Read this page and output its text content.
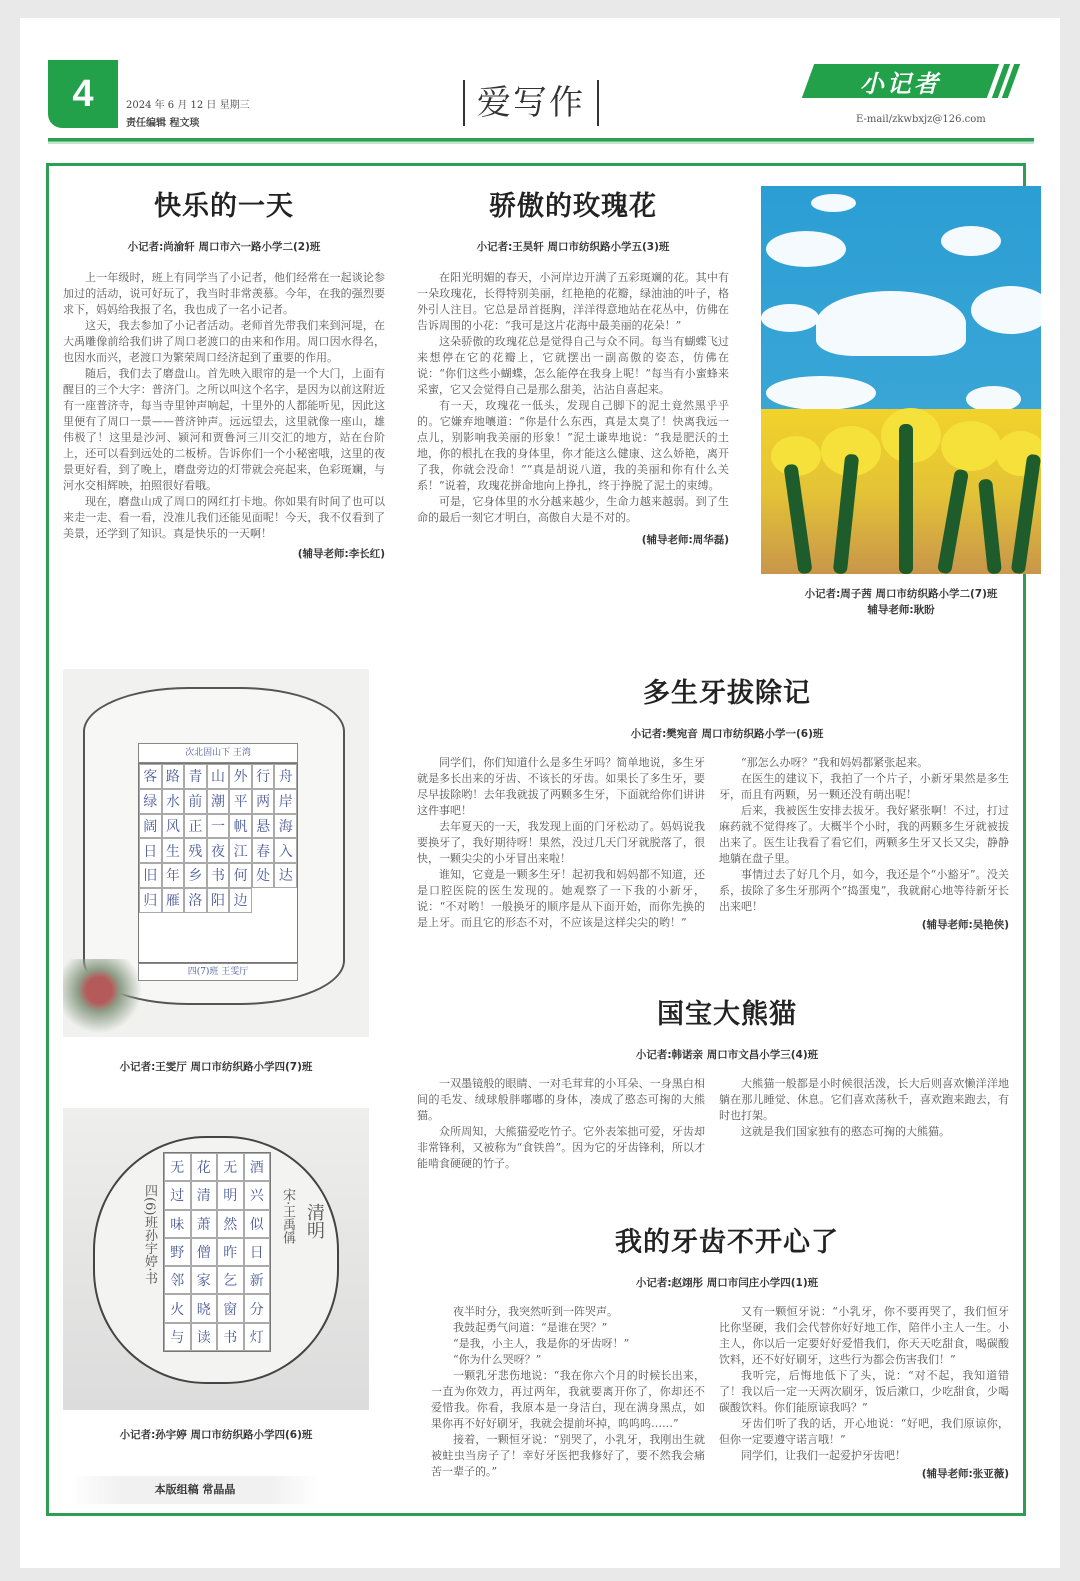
4	2024 年 6 月 12 日 星期三
责任编辑 程文琰
爱写作	小记者
E-mail/zkwbxjz@126.com
快乐的一天
小记者:尚渝轩 周口市六一路小学二(2)班

上一年级时，班上有同学当了小记者，他们经常在一起谈论参加过的活动，说可好玩了，我当时非常羡慕。今年，在我的强烈要求下，妈妈给我报了名，我也成了一名小记者。

这天，我去参加了小记者活动。老师首先带我们来到河堤，在大禹雕像前给我们讲了周口老渡口的由来和作用。周口因水得名，也因水而兴，老渡口为繁荣周口经济起到了重要的作用。

随后，我们去了磨盘山。首先映入眼帘的是一个大门，上面有醒目的三个大字：普济门。之所以叫这个名字，是因为以前这附近有一座普济寺，每当寺里钟声响起，十里外的人都能听见，因此这里便有了周口一景——普济钟声。远远望去，这里就像一座山，雄伟极了！这里是沙河、颍河和贾鲁河三川交汇的地方，站在台阶上，还可以看到远处的二板桥。告诉你们一个小秘密哦，这里的夜景更好看，到了晚上，磨盘旁边的灯带就会亮起来，色彩斑斓，与河水交相辉映，拍照很好看哦。

现在，磨盘山成了周口的网红打卡地。你如果有时间了也可以来走一走、看一看，没准儿我们还能见面呢！今天，我不仅看到了美景，还学到了知识。真是快乐的一天啊！

(辅导老师:李长红)
骄傲的玫瑰花
小记者:王昊轩 周口市纺织路小学五(3)班

在阳光明媚的春天，小河岸边开满了五彩斑斓的花。其中有一朵玫瑰花，长得特别美丽，红艳艳的花瓣，绿油油的叶子，格外引人注目。它总是昂首挺胸，洋洋得意地站在花丛中，仿佛在告诉周围的小花：“我可是这片花海中最美丽的花朵！”

这朵骄傲的玫瑰花总是觉得自己与众不同。每当有蝴蝶飞过来想停在它的花瓣上，它就摆出一副高傲的姿态，仿佛在说：“你们这些小蝴蝶，怎么能停在我身上呢！”每当有小蜜蜂来采蜜，它又会觉得自己是那么甜美，沾沾自喜起来。

有一天，玫瑰花一低头，发现自己脚下的泥土竟然黑乎乎的。它嫌弃地嚷道：“你是什么东西，真是太臭了！快离我远一点儿，别影响我美丽的形象！”泥土谦卑地说：“我是肥沃的土地，你的根扎在我的身体里，你才能这么健康、这么娇艳，离开了我，你就会没命！”“真是胡说八道，我的美丽和你有什么关系！”说着，玫瑰花拼命地向上挣扎，终于挣脱了泥土的束缚。

可是，它身体里的水分越来越少，生命力越来越弱。到了生命的最后一刻它才明白，高傲自大是不对的。

(辅导老师:周华磊)
小记者:周子茜 周口市纺织路小学二(7)班
辅导老师:耿盼
次北固山下 王湾
客 路 青 山 外 行 舟
绿 水 前 潮 平 两 岸
阔 风 正 一 帆 悬 海
日 生 残 夜 江 春 入
旧 年 乡 书 何 处 达
归 雁 洛 阳 边
四(7)班 王雯厅
小记者:王雯厅 周口市纺织路小学四(7)班
四(6)班孙宇婷·书
无 花 无 酒
过 清 明 兴
味 萧 然 似
野 僧 昨 日
邻 家 乞 新
火 晓 窗 分
与 读 书 灯
宋·王禹偁 清明
小记者:孙宇婷 周口市纺织路小学四(6)班
多生牙拔除记
小记者:樊宛音 周口市纺织路小学一(6)班

同学们，你们知道什么是多生牙吗？简单地说，多生牙就是多长出来的牙齿、不该长的牙齿。如果长了多生牙，要尽早拔除哟！去年我就拔了两颗多生牙，下面就给你们讲讲这件事吧！

去年夏天的一天，我发现上面的门牙松动了。妈妈说我要换牙了，我好期待呀！果然，没过几天门牙就脱落了，很快，一颗尖尖的小牙冒出来啦！

谁知，它竟是一颗多生牙！起初我和妈妈都不知道，还是口腔医院的医生发现的。她观察了一下我的小新牙，说：“不对哟！一般换牙的顺序是从下面开始，而你先换的是上牙。而且它的形态不对，不应该是这样尖尖的哟！”

“那怎么办呀？”我和妈妈都紧张起来。

在医生的建议下，我拍了一个片子，小新牙果然是多生牙，而且有两颗，另一颗还没有萌出呢！

后来，我被医生安排去拔牙。我好紧张啊！不过，打过麻药就不觉得疼了。大概半个小时，我的两颗多生牙就被拔出来了。医生让我看了看它们，两颗多生牙又长又尖，静静地躺在盘子里。

事情过去了好几个月，如今，我还是个“小豁牙”。没关系，拔除了多生牙那两个“捣蛋鬼”，我就耐心地等待新牙长出来吧！

(辅导老师:吴艳侠)
国宝大熊猫
小记者:韩诺亲 周口市文昌小学三(4)班

一双墨镜般的眼睛、一对毛茸茸的小耳朵、一身黑白相间的毛发、绒球般胖嘟嘟的身体，凑成了憨态可掬的大熊猫。

众所周知，大熊猫爱吃竹子。它外表笨拙可爱，牙齿却非常锋利，又被称为“食铁兽”。因为它的牙齿锋利，所以才能啃食硬硬的竹子。

大熊猫一般都是小时候很活泼，长大后则喜欢懒洋洋地躺在那儿睡觉、休息。它们喜欢荡秋千，喜欢跑来跑去，有时也打架。

这就是我们国家独有的憨态可掬的大熊猫。

我的牙齿不开心了
小记者:赵翊彤 周口市闫庄小学四(1)班

夜半时分，我突然听到一阵哭声。

我鼓起勇气问道：“是谁在哭？”

“是我，小主人，我是你的牙齿呀！”

“你为什么哭呀？”

一颗乳牙悲伤地说：“我在你六个月的时候长出来，一直为你效力，再过两年，我就要离开你了，你却还不爱惜我。你看，我原本是一身洁白，现在满身黑点，如果你再不好好刷牙，我就会提前坏掉，呜呜呜……”

接着，一颗恒牙说：“别哭了，小乳牙，我刚出生就被蛀虫当房子了！幸好牙医把我修好了，要不然我会痛苦一辈子的。”

又有一颗恒牙说：“小乳牙，你不要再哭了，我们恒牙比你坚硬，我们会代替你好好地工作，陪伴小主人一生。小主人，你以后一定要好好爱惜我们，你天天吃甜食，喝碳酸饮料，还不好好刷牙，这些行为都会伤害我们！”

我听完，后悔地低下了头，说：“对不起，我知道错了！我以后一定一天两次刷牙，饭后漱口，少吃甜食，少喝碳酸饮料。你们能原谅我吗？”

牙齿们听了我的话，开心地说：“好吧，我们原谅你，但你一定要遵守诺言哦！”

同学们，让我们一起爱护牙齿吧！

(辅导老师:张亚薇)
本版组稿 常晶晶
